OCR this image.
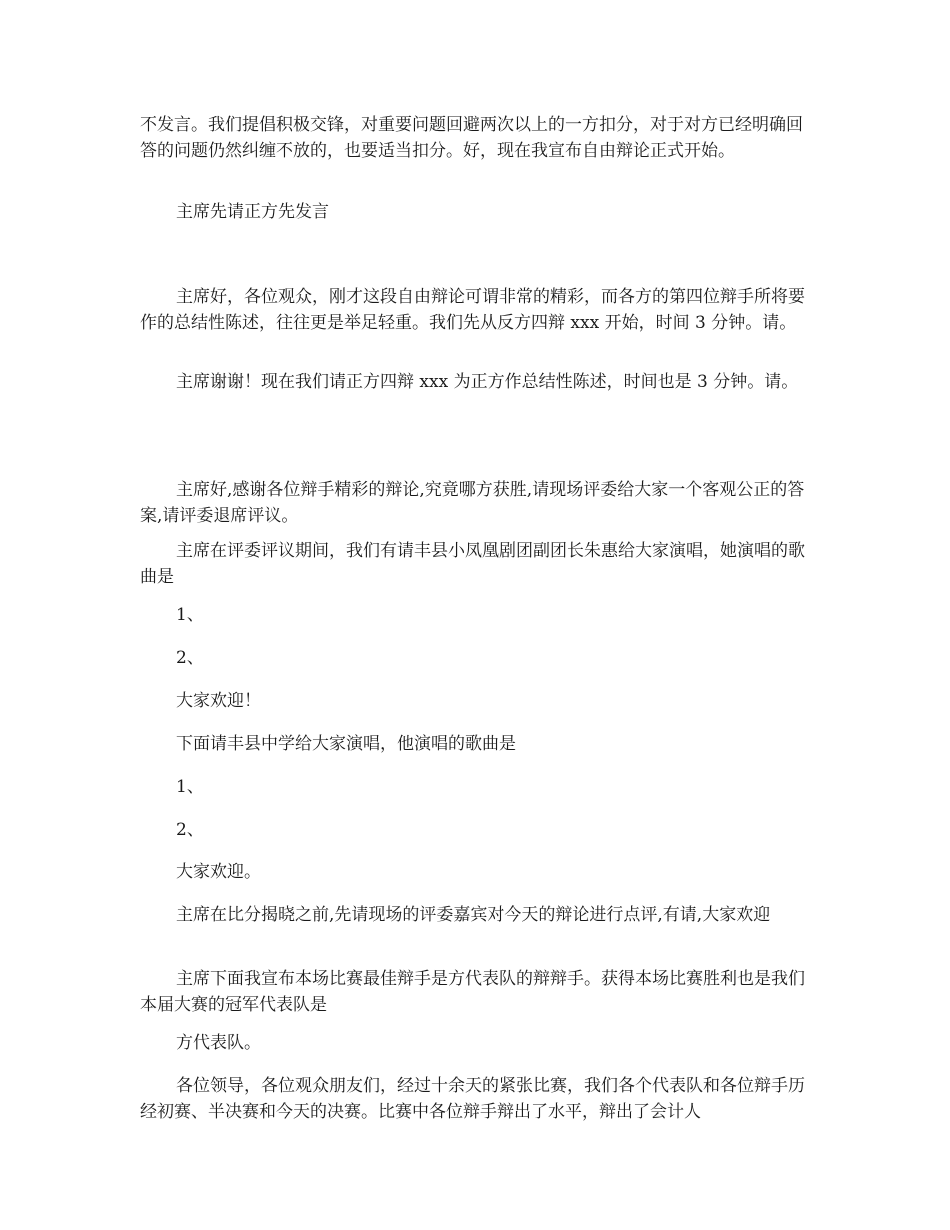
不发言。我们提倡积极交锋，对重要问题回避两次以上的一方扣分，对于对方已经明确回答的问题仍然纠缠不放的，也要适当扣分。好，现在我宣布自由辩论正式开始。

主席先请正方先发言

主席好，各位观众，刚才这段自由辩论可谓非常的精彩，而各方的第四位辩手所将要作的总结性陈述，往往更是举足轻重。我们先从反方四辩 xxx 开始，时间 3 分钟。请。

主席谢谢！现在我们请正方四辩 xxx 为正方作总结性陈述，时间也是 3 分钟。请。

主席好,感谢各位辩手精彩的辩论,究竟哪方获胜,请现场评委给大家一个客观公正的答案,请评委退席评议。

主席在评委评议期间，我们有请丰县小凤凰剧团副团长朱惠给大家演唱，她演唱的歌曲是

1、

2、

大家欢迎！

下面请丰县中学给大家演唱，他演唱的歌曲是

1、

2、

大家欢迎。

主席在比分揭晓之前,先请现场的评委嘉宾对今天的辩论进行点评,有请,大家欢迎

主席下面我宣布本场比赛最佳辩手是方代表队的辩辩手。获得本场比赛胜利也是我们本届大赛的冠军代表队是

方代表队。

各位领导，各位观众朋友们，经过十余天的紧张比赛，我们各个代表队和各位辩手历经初赛、半决赛和今天的决赛。比赛中各位辩手辩出了水平，辩出了会计人
